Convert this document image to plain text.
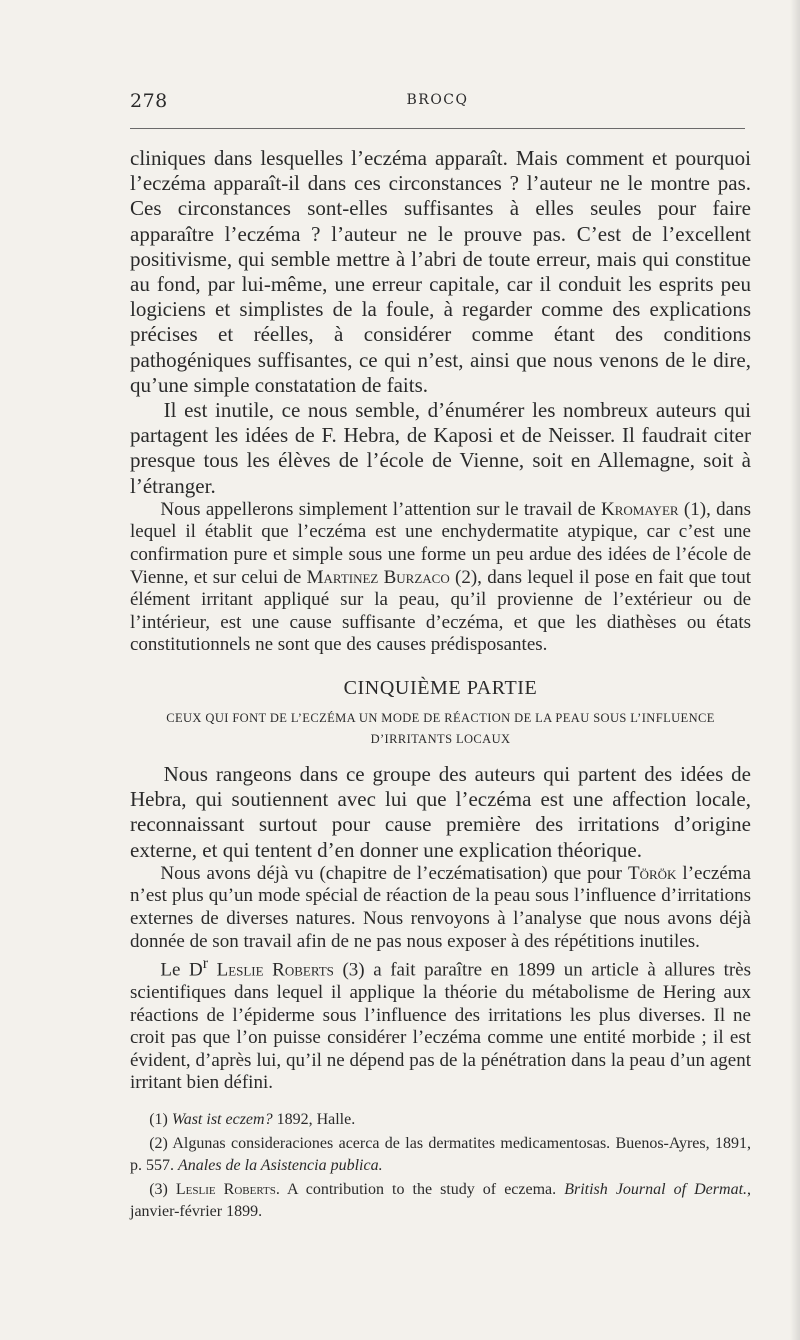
278	BROCQ

cliniques dans lesquelles l’eczéma apparaît. Mais comment et pourquoi l’eczéma apparaît-il dans ces circonstances ? l’auteur ne le montre pas. Ces circonstances sont-elles suffisantes à elles seules pour faire apparaître l’eczéma ? l’auteur ne le prouve pas. C’est de l’excellent positivisme, qui semble mettre à l’abri de toute erreur, mais qui constitue au fond, par lui-même, une erreur capitale, car il conduit les esprits peu logiciens et simplistes de la foule, à regarder comme des explications précises et réelles, à considérer comme étant des conditions pathogéniques suffisantes, ce qui n’est, ainsi que nous venons de le dire, qu’une simple constatation de faits.

Il est inutile, ce nous semble, d’énumérer les nombreux auteurs qui partagent les idées de F. Hebra, de Kaposi et de Neisser. Il faudrait citer presque tous les élèves de l’école de Vienne, soit en Allemagne, soit à l’étranger.

Nous appellerons simplement l’attention sur le travail de Kromayer (1), dans lequel il établit que l’eczéma est une enchydermatite atypique, car c’est une confirmation pure et simple sous une forme un peu ardue des idées de l’école de Vienne, et sur celui de Martinez Burzaco (2), dans lequel il pose en fait que tout élément irritant appliqué sur la peau, qu’il provienne de l’extérieur ou de l’intérieur, est une cause suffisante d’eczéma, et que les diathèses ou états constitutionnels ne sont que des causes prédisposantes.

CINQUIÈME PARTIE
CEUX QUI FONT DE L’ECZÉMA UN MODE DE RÉACTION DE LA PEAU SOUS L’INFLUENCE
D’IRRITANTS LOCAUX

Nous rangeons dans ce groupe des auteurs qui partent des idées de Hebra, qui soutiennent avec lui que l’eczéma est une affection locale, reconnaissant surtout pour cause première des irritations d’origine externe, et qui tentent d’en donner une explication théorique.

Nous avons déjà vu (chapitre de l’eczématisation) que pour Török l’eczéma n’est plus qu’un mode spécial de réaction de la peau sous l’influence d’irritations externes de diverses natures. Nous renvoyons à l’analyse que nous avons déjà donnée de son travail afin de ne pas nous exposer à des répétitions inutiles.

Le $D^r$ Leslie Roberts (3) a fait paraître en 1899 un article à allures très scientifiques dans lequel il applique la théorie du métabolisme de Hering aux réactions de l’épiderme sous l’influence des irritations les plus diverses. Il ne croit pas que l’on puisse considérer l’eczéma comme une entité morbide ; il est évident, d’après lui, qu’il ne dépend pas de la pénétration dans la peau d’un agent irritant bien défini.

(1) Wast ist eczem? 1892, Halle.

(2) Algunas consideraciones acerca de las dermatites medicamentosas. Buenos-Ayres, 1891, p. 557. Anales de la Asistencia publica.

(3) Leslie Roberts. A contribution to the study of eczema. British Journal of Dermat., janvier-février 1899.
